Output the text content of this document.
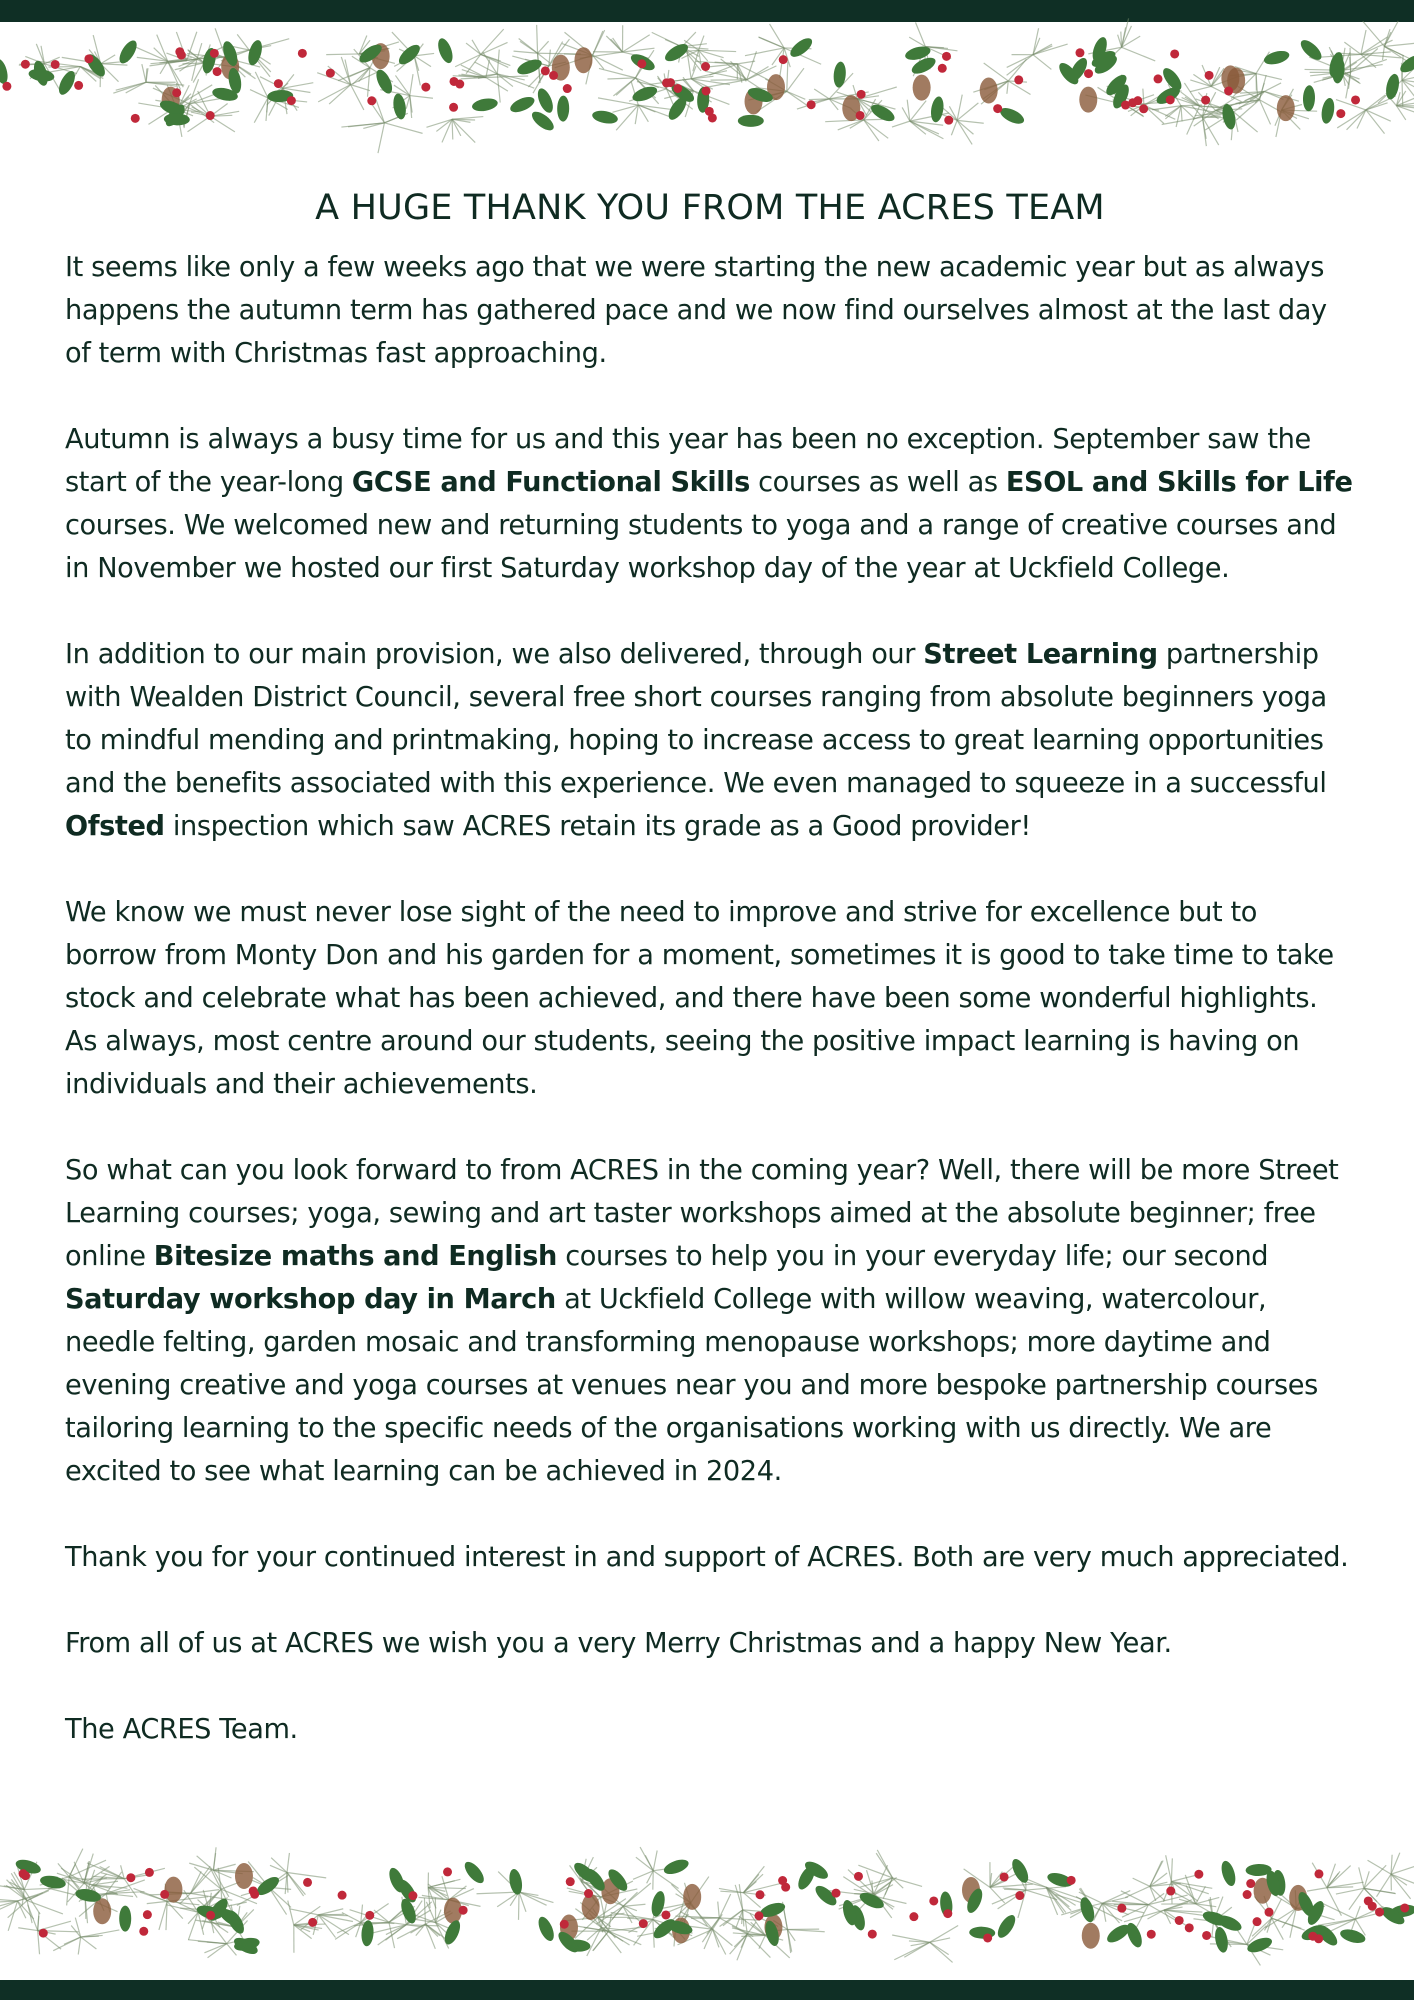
A HUGE THANK YOU FROM THE ACRES TEAM

It seems like only a few weeks ago that we were starting the new academic year but as always happens the autumn term has gathered pace and we now find ourselves almost at the last day of term with Christmas fast approaching.

Autumn is always a busy time for us and this year has been no exception. September saw the start of the year-long GCSE and Functional Skills courses as well as ESOL and Skills for Life courses. We welcomed new and returning students to yoga and a range of creative courses and in November we hosted our first Saturday workshop day of the year at Uckfield College.

In addition to our main provision, we also delivered, through our Street Learning partnership with Wealden District Council, several free short courses ranging from absolute beginners yoga to mindful mending and printmaking, hoping to increase access to great learning opportunities and the benefits associated with this experience. We even managed to squeeze in a successful Ofsted inspection which saw ACRES retain its grade as a Good provider!

We know we must never lose sight of the need to improve and strive for excellence but to borrow from Monty Don and his garden for a moment, sometimes it is good to take time to take stock and celebrate what has been achieved, and there have been some wonderful highlights. As always, most centre around our students, seeing the positive impact learning is having on individuals and their achievements.

So what can you look forward to from ACRES in the coming year? Well, there will be more Street Learning courses; yoga, sewing and art taster workshops aimed at the absolute beginner; free online Bitesize maths and English courses to help you in your everyday life; our second Saturday workshop day in March at Uckfield College with willow weaving, watercolour, needle felting, garden mosaic and transforming menopause workshops; more daytime and evening creative and yoga courses at venues near you and more bespoke partnership courses tailoring learning to the specific needs of the organisations working with us directly. We are excited to see what learning can be achieved in 2024.

Thank you for your continued interest in and support of ACRES. Both are very much appreciated.

From all of us at ACRES we wish you a very Merry Christmas and a happy New Year.

The ACRES Team.
